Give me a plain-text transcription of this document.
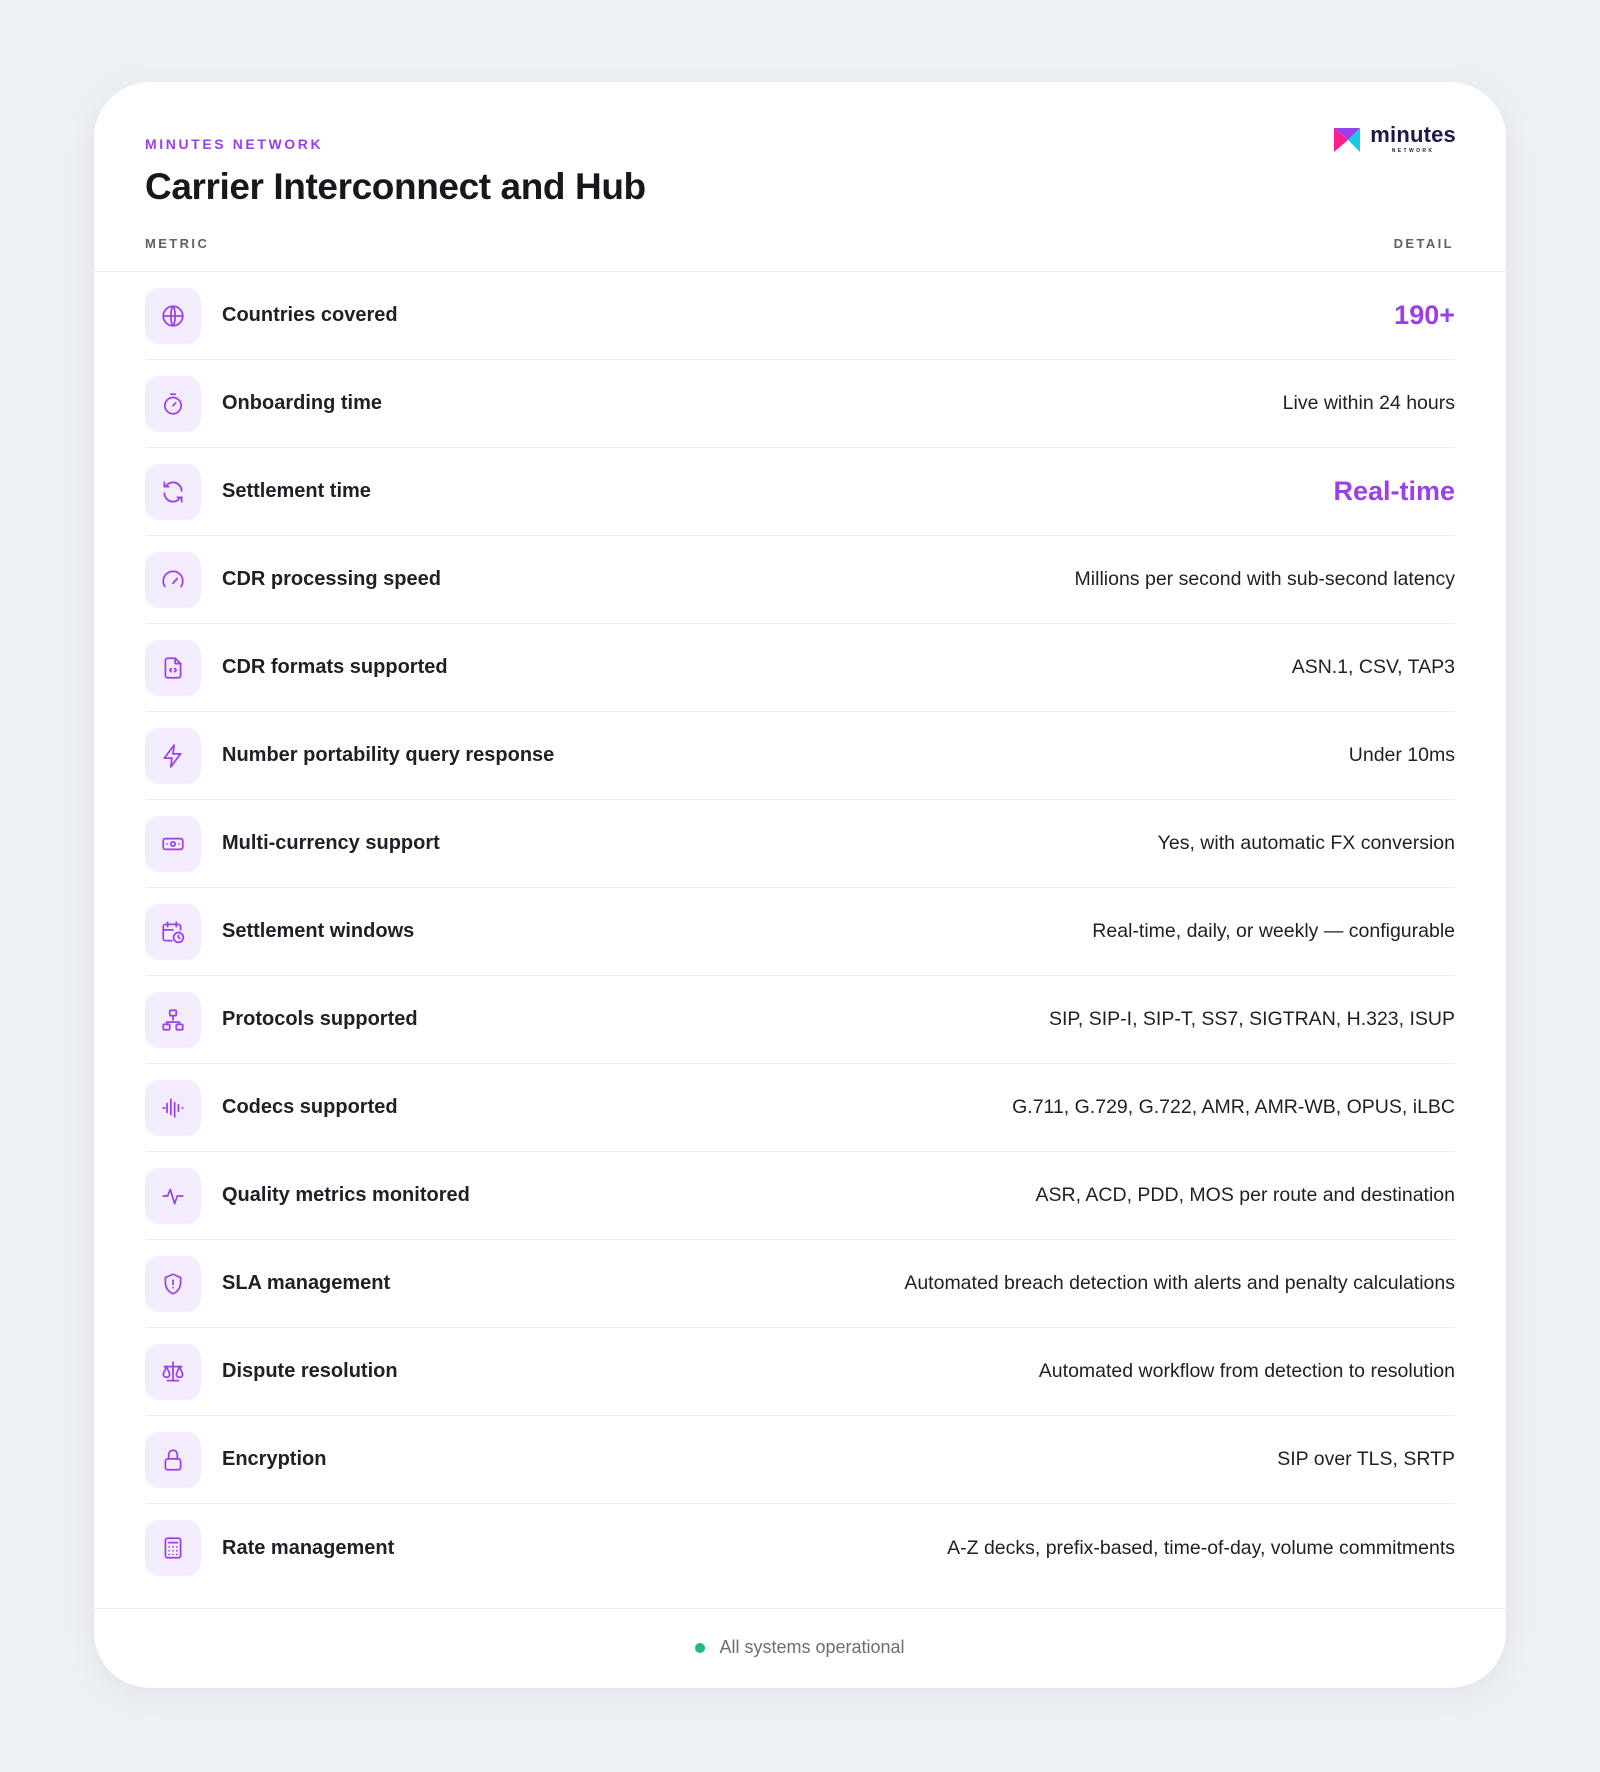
MINUTES NETWORK
Carrier Interconnect and Hub
minutes
NETWORK
METRIC	DETAIL
Countries covered	190+
Onboarding time	Live within 24 hours
Settlement time	Real-time
CDR processing speed	Millions per second with sub-second latency
CDR formats supported	ASN.1, CSV, TAP3
Number portability query response	Under 10ms
Multi-currency support	Yes, with automatic FX conversion
Settlement windows	Real-time, daily, or weekly — configurable
Protocols supported	SIP, SIP-I, SIP-T, SS7, SIGTRAN, H.323, ISUP
Codecs supported	G.711, G.729, G.722, AMR, AMR-WB, OPUS, iLBC
Quality metrics monitored	ASR, ACD, PDD, MOS per route and destination
SLA management	Automated breach detection with alerts and penalty calculations
Dispute resolution	Automated workflow from detection to resolution
Encryption	SIP over TLS, SRTP
Rate management	A-Z decks, prefix-based, time-of-day, volume commitments
All systems operational
